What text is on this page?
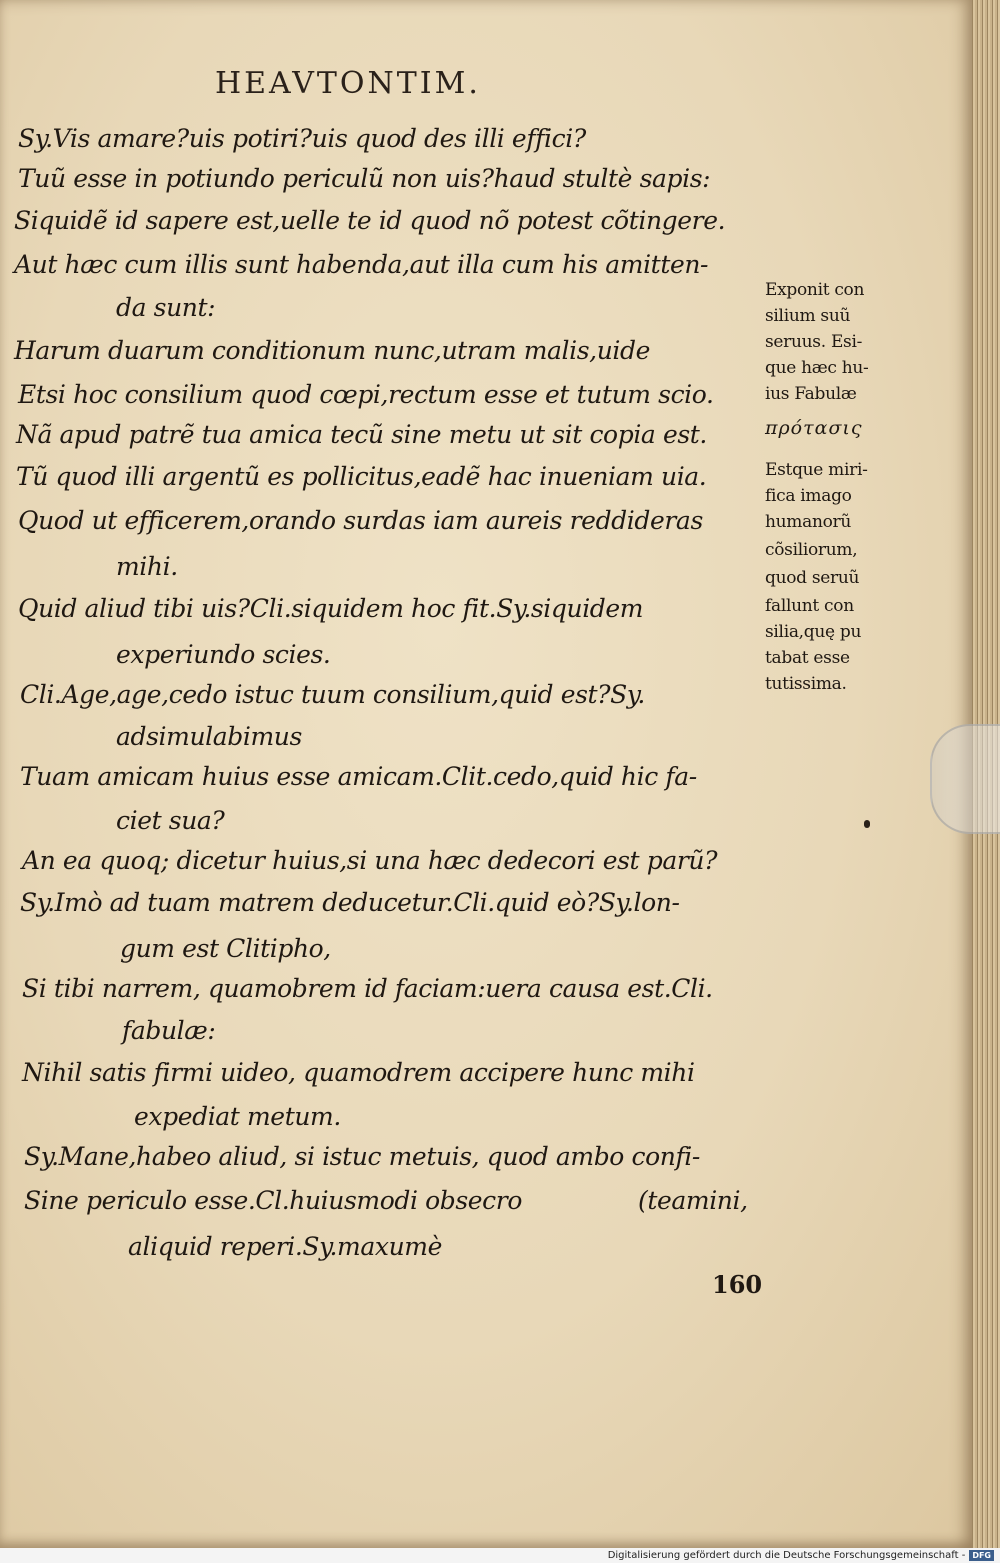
HEAVTONTIM.
Sy.Vis amare?uis potiri?uis quod des illi effici?
Tuũ esse in potiundo periculũ non uis?haud stultè sapis:
Siquidẽ id sapere est,uelle te id quod nõ potest cõtingere.
Aut hæc cum illis sunt habenda,aut illa cum his amitten-
da sunt:
Harum duarum conditionum nunc,utram malis,uide
Etsi hoc consilium quod cœpi,rectum esse et tutum scio.
Nã apud patrẽ tua amica tecũ sine metu ut sit copia est.
Tũ quod illi argentũ es pollicitus,eadẽ hac inueniam uia.
Quod ut efficerem,orando surdas iam aureis reddideras
mihi.
Quid aliud tibi uis?Cli.siquidem hoc fit.Sy.siquidem
experiundo scies.
Cli.Age,age,cedo istuc tuum consilium,quid est?Sy.
adsimulabimus
Tuam amicam huius esse amicam.Clit.cedo,quid hic fa-
ciet sua?
An ea quoq; dicetur huius,si una hæc dedecori est parũ?
Sy.Imò ad tuam matrem deducetur.Cli.quid eò?Sy.lon-
gum est Clitipho,
Si tibi narrem, quamobrem id faciam:uera causa est.Cli.
fabulæ:
Nihil satis firmi uideo, quamodrem accipere hunc mihi
expediat metum.
Sy.Mane,habeo aliud, si istuc metuis, quod ambo confi-
Sine periculo esse.Cl.huiusmodi obsecro	(teamini,
aliquid reperi.Sy.maxumè
Exponit con
silium suũ
seruus. Esi-
que hæc hu-
ius Fabulæ
πρότασις
Estque miri-
fica imago
humanorũ
cõsiliorum,
quod seruũ
fallunt con
silia,quę pu
tabat esse
tutissima.
160
Digitalisierung gefördert durch die Deutsche Forschungsgemeinschaft - DFG
